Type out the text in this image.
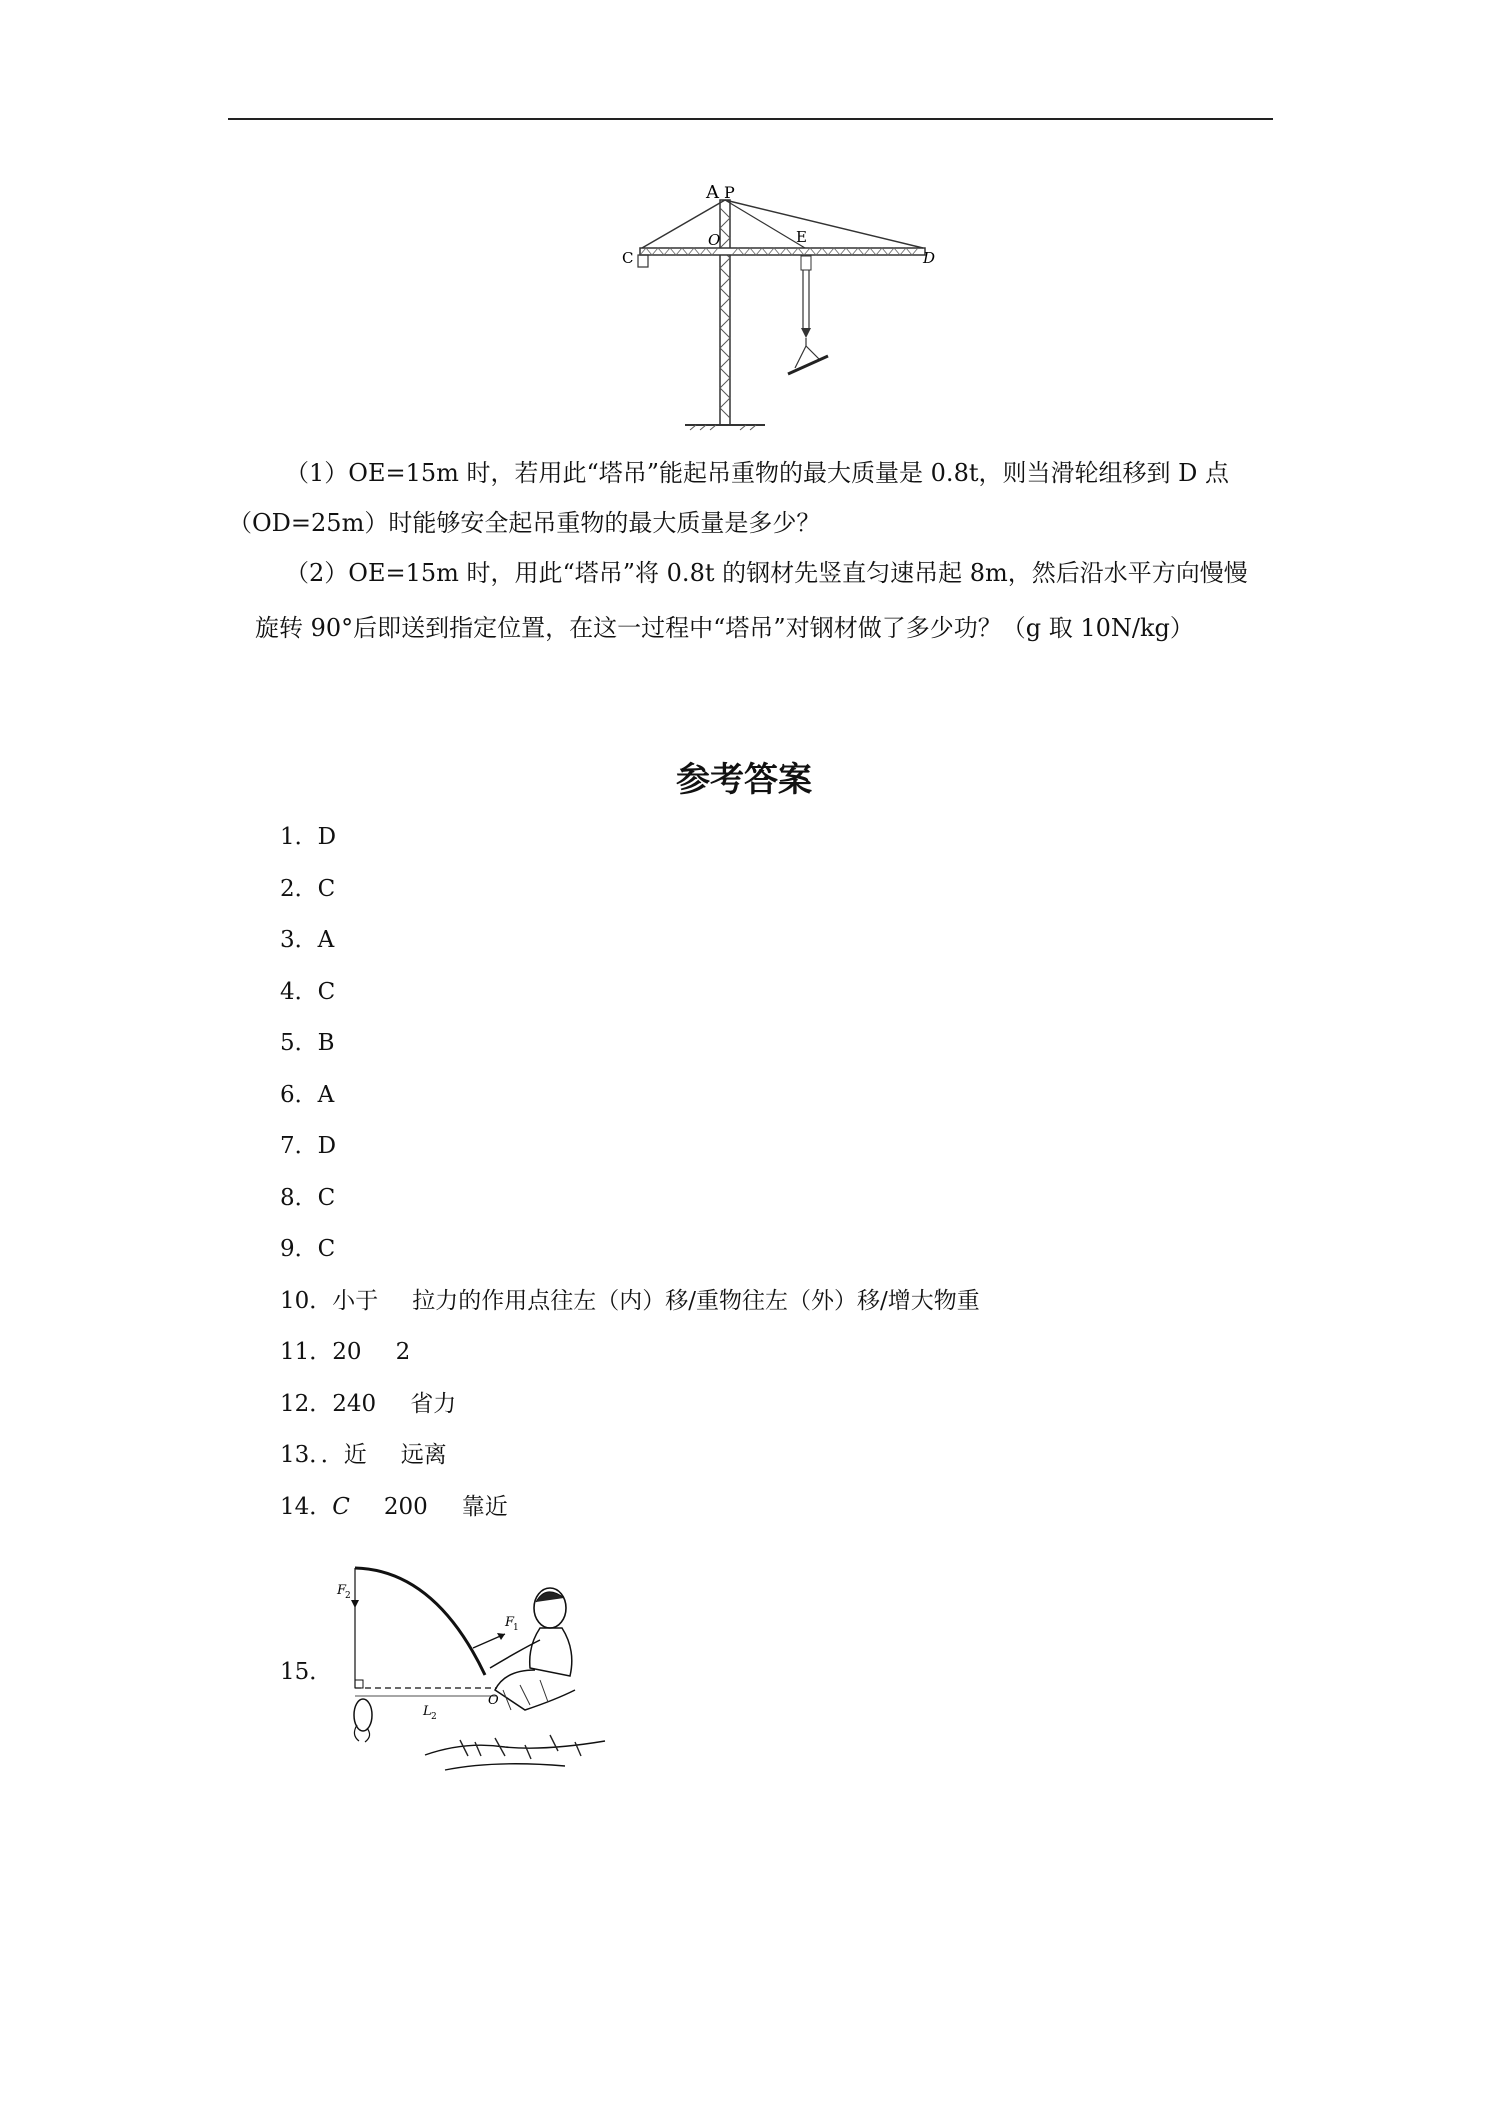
A P
C
O	E
D
（1）OE=15m 时，若用此“塔吊”能起吊重物的最大质量是 0.8t，则当滑轮组移到 D 点
（OD=25m）时能够安全起吊重物的最大质量是多少？
（2）OE=15m 时，用此“塔吊”将 0.8t 的钢材先竖直匀速吊起 8m，然后沿水平方向慢慢
旋转 90°后即送到指定位置，在这一过程中“塔吊”对钢材做了多少功？（g 取 10N/kg）
参考答案
1．D
2．C
3．A
4．C
5．B
6．A
7．D
8．C
9．C
10．小于 拉力的作用点往左（内）移/重物往左（外）移/增大物重
11．20 2
12．240 省力
13．．近 远离
14．C 200 靠近
15．
F
2
F
1
O
L 2
